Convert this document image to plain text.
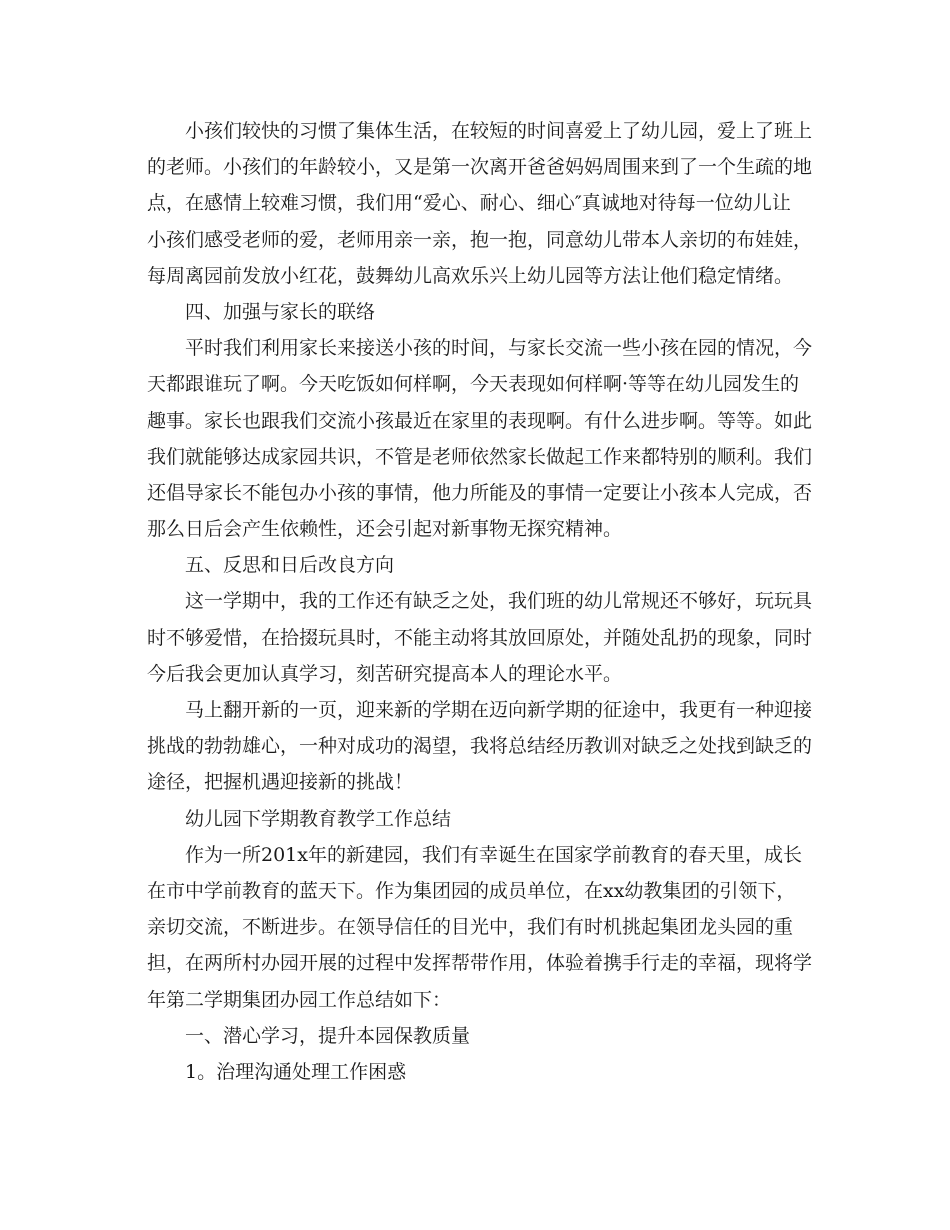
小孩们较快的习惯了集体生活，在较短的时间喜爱上了幼儿园，爱上了班上
的老师。小孩们的年龄较小，又是第一次离开爸爸妈妈周围来到了一个生疏的地
点，在感情上较难习惯，我们用“爱心、耐心、细心″真诚地对待每一位幼儿让
小孩们感受老师的爱，老师用亲一亲，抱一抱，同意幼儿带本人亲切的布娃娃，
每周离园前发放小红花，鼓舞幼儿高欢乐兴上幼儿园等方法让他们稳定情绪。
四、加强与家长的联络
平时我们利用家长来接送小孩的时间，与家长交流一些小孩在园的情况，今
天都跟谁玩了啊。今天吃饭如何样啊，今天表现如何样啊·等等在幼儿园发生的
趣事。家长也跟我们交流小孩最近在家里的表现啊。有什么进步啊。等等。如此
我们就能够达成家园共识，不管是老师依然家长做起工作来都特别的顺利。我们
还倡导家长不能包办小孩的事情，他力所能及的事情一定要让小孩本人完成，否
那么日后会产生依赖性，还会引起对新事物无探究精神。
五、反思和日后改良方向
这一学期中，我的工作还有缺乏之处，我们班的幼儿常规还不够好，玩玩具
时不够爱惜，在拾掇玩具时，不能主动将其放回原处，并随处乱扔的现象，同时
今后我会更加认真学习，刻苦研究提高本人的理论水平。
马上翻开新的一页，迎来新的学期在迈向新学期的征途中，我更有一种迎接
挑战的勃勃雄心，一种对成功的渴望，我将总结经历教训对缺乏之处找到缺乏的
途径，把握机遇迎接新的挑战！
幼儿园下学期教育教学工作总结
作为一所201x年的新建园，我们有幸诞生在国家学前教育的春天里，成长
在市中学前教育的蓝天下。作为集团园的成员单位，在xx幼教集团的引领下，
亲切交流，不断进步。在领导信任的目光中，我们有时机挑起集团龙头园的重
担，在两所村办园开展的过程中发挥帮带作用，体验着携手行走的幸福，现将学
年第二学期集团办园工作总结如下：
一、潜心学习，提升本园保教质量
1。治理沟通处理工作困惑
